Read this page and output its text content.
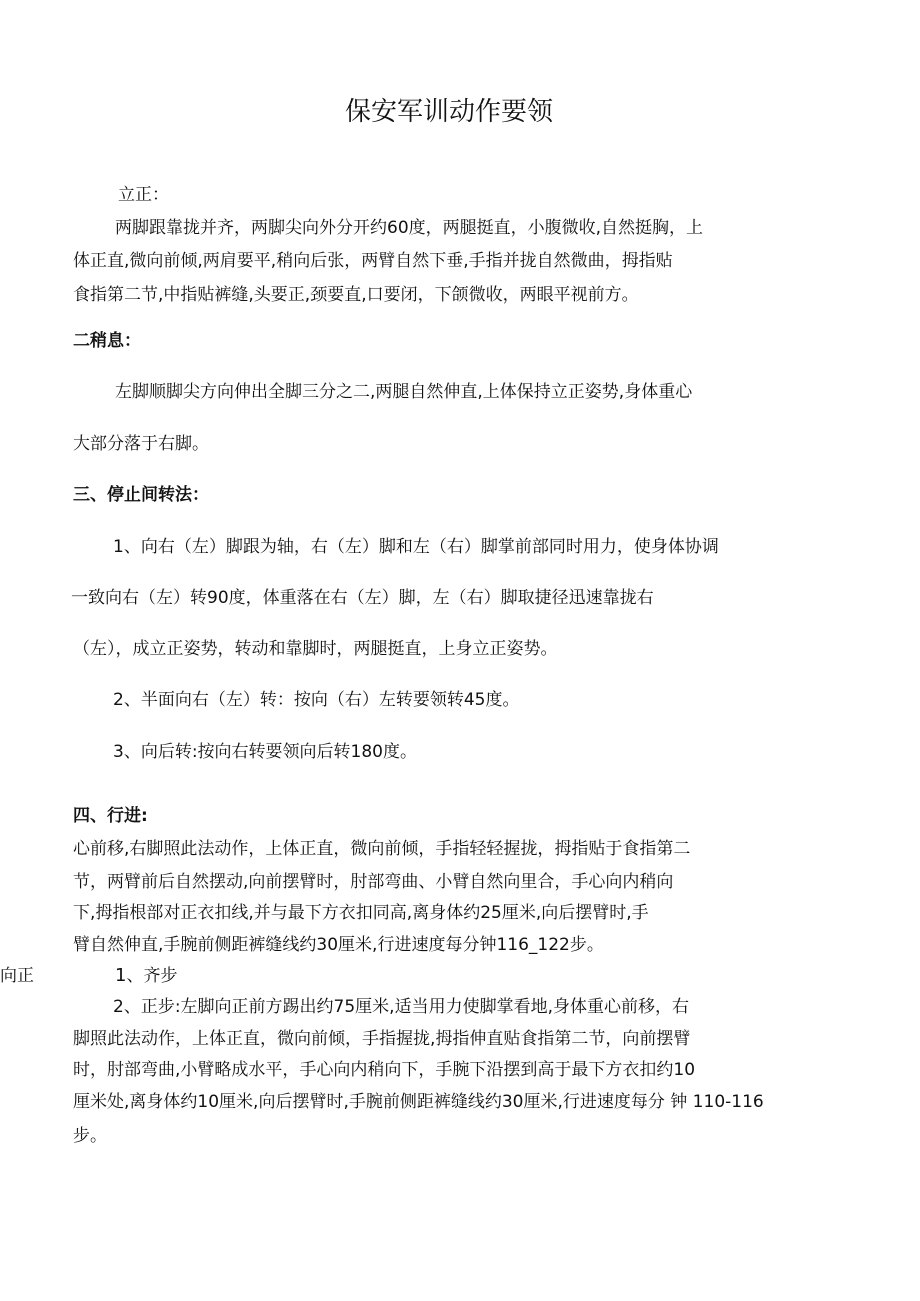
保安军训动作要领
立正：
两脚跟靠拢并齐，两脚尖向外分开约60度，两腿挺直，小腹微收,自然挺胸，上
体正直,微向前倾,两肩要平,稍向后张，两臂自然下垂,手指并拢自然微曲，拇指贴
食指第二节,中指贴裤缝,头要正,颈要直,口要闭，下颌微收，两眼平视前方。
二稍息：
左脚顺脚尖方向伸出全脚三分之二,两腿自然伸直,上体保持立正姿势,身体重心
大部分落于右脚。
三、停止间转法：
1、向右（左）脚跟为轴，右（左）脚和左（右）脚掌前部同时用力，使身体协调
一致向右（左）转90度，体重落在右（左）脚，左（右）脚取捷径迅速靠拢右
（左），成立正姿势，转动和靠脚时，两腿挺直，上身立正姿势。
2、半面向右（左）转：按向（右）左转要领转45度。
3、向后转:按向右转要领向后转180度。
四、行进:
心前移,右脚照此法动作，上体正直，微向前倾，手指轻轻握拢，拇指贴于食指第二
节，两臂前后自然摆动,向前摆臂时，肘部弯曲、小臂自然向里合，手心向内稍向
下,拇指根部对正衣扣线,并与最下方衣扣同高,离身体约25厘米,向后摆臂时,手
臂自然伸直,手腕前侧距裤缝线约30厘米,行进速度每分钟116_122步。
向正	1、齐步
2、正步:左脚向正前方踢出约75厘米,适当用力使脚掌看地,身体重心前移，右
脚照此法动作，上体正直，微向前倾，手指握拢,拇指伸直贴食指第二节，向前摆臂
时，肘部弯曲,小臂略成水平，手心向内稍向下，手腕下沿摆到高于最下方衣扣约10
厘米处,离身体约10厘米,向后摆臂时,手腕前侧距裤缝线约30厘米,行进速度每分 钟 110-116
步。
